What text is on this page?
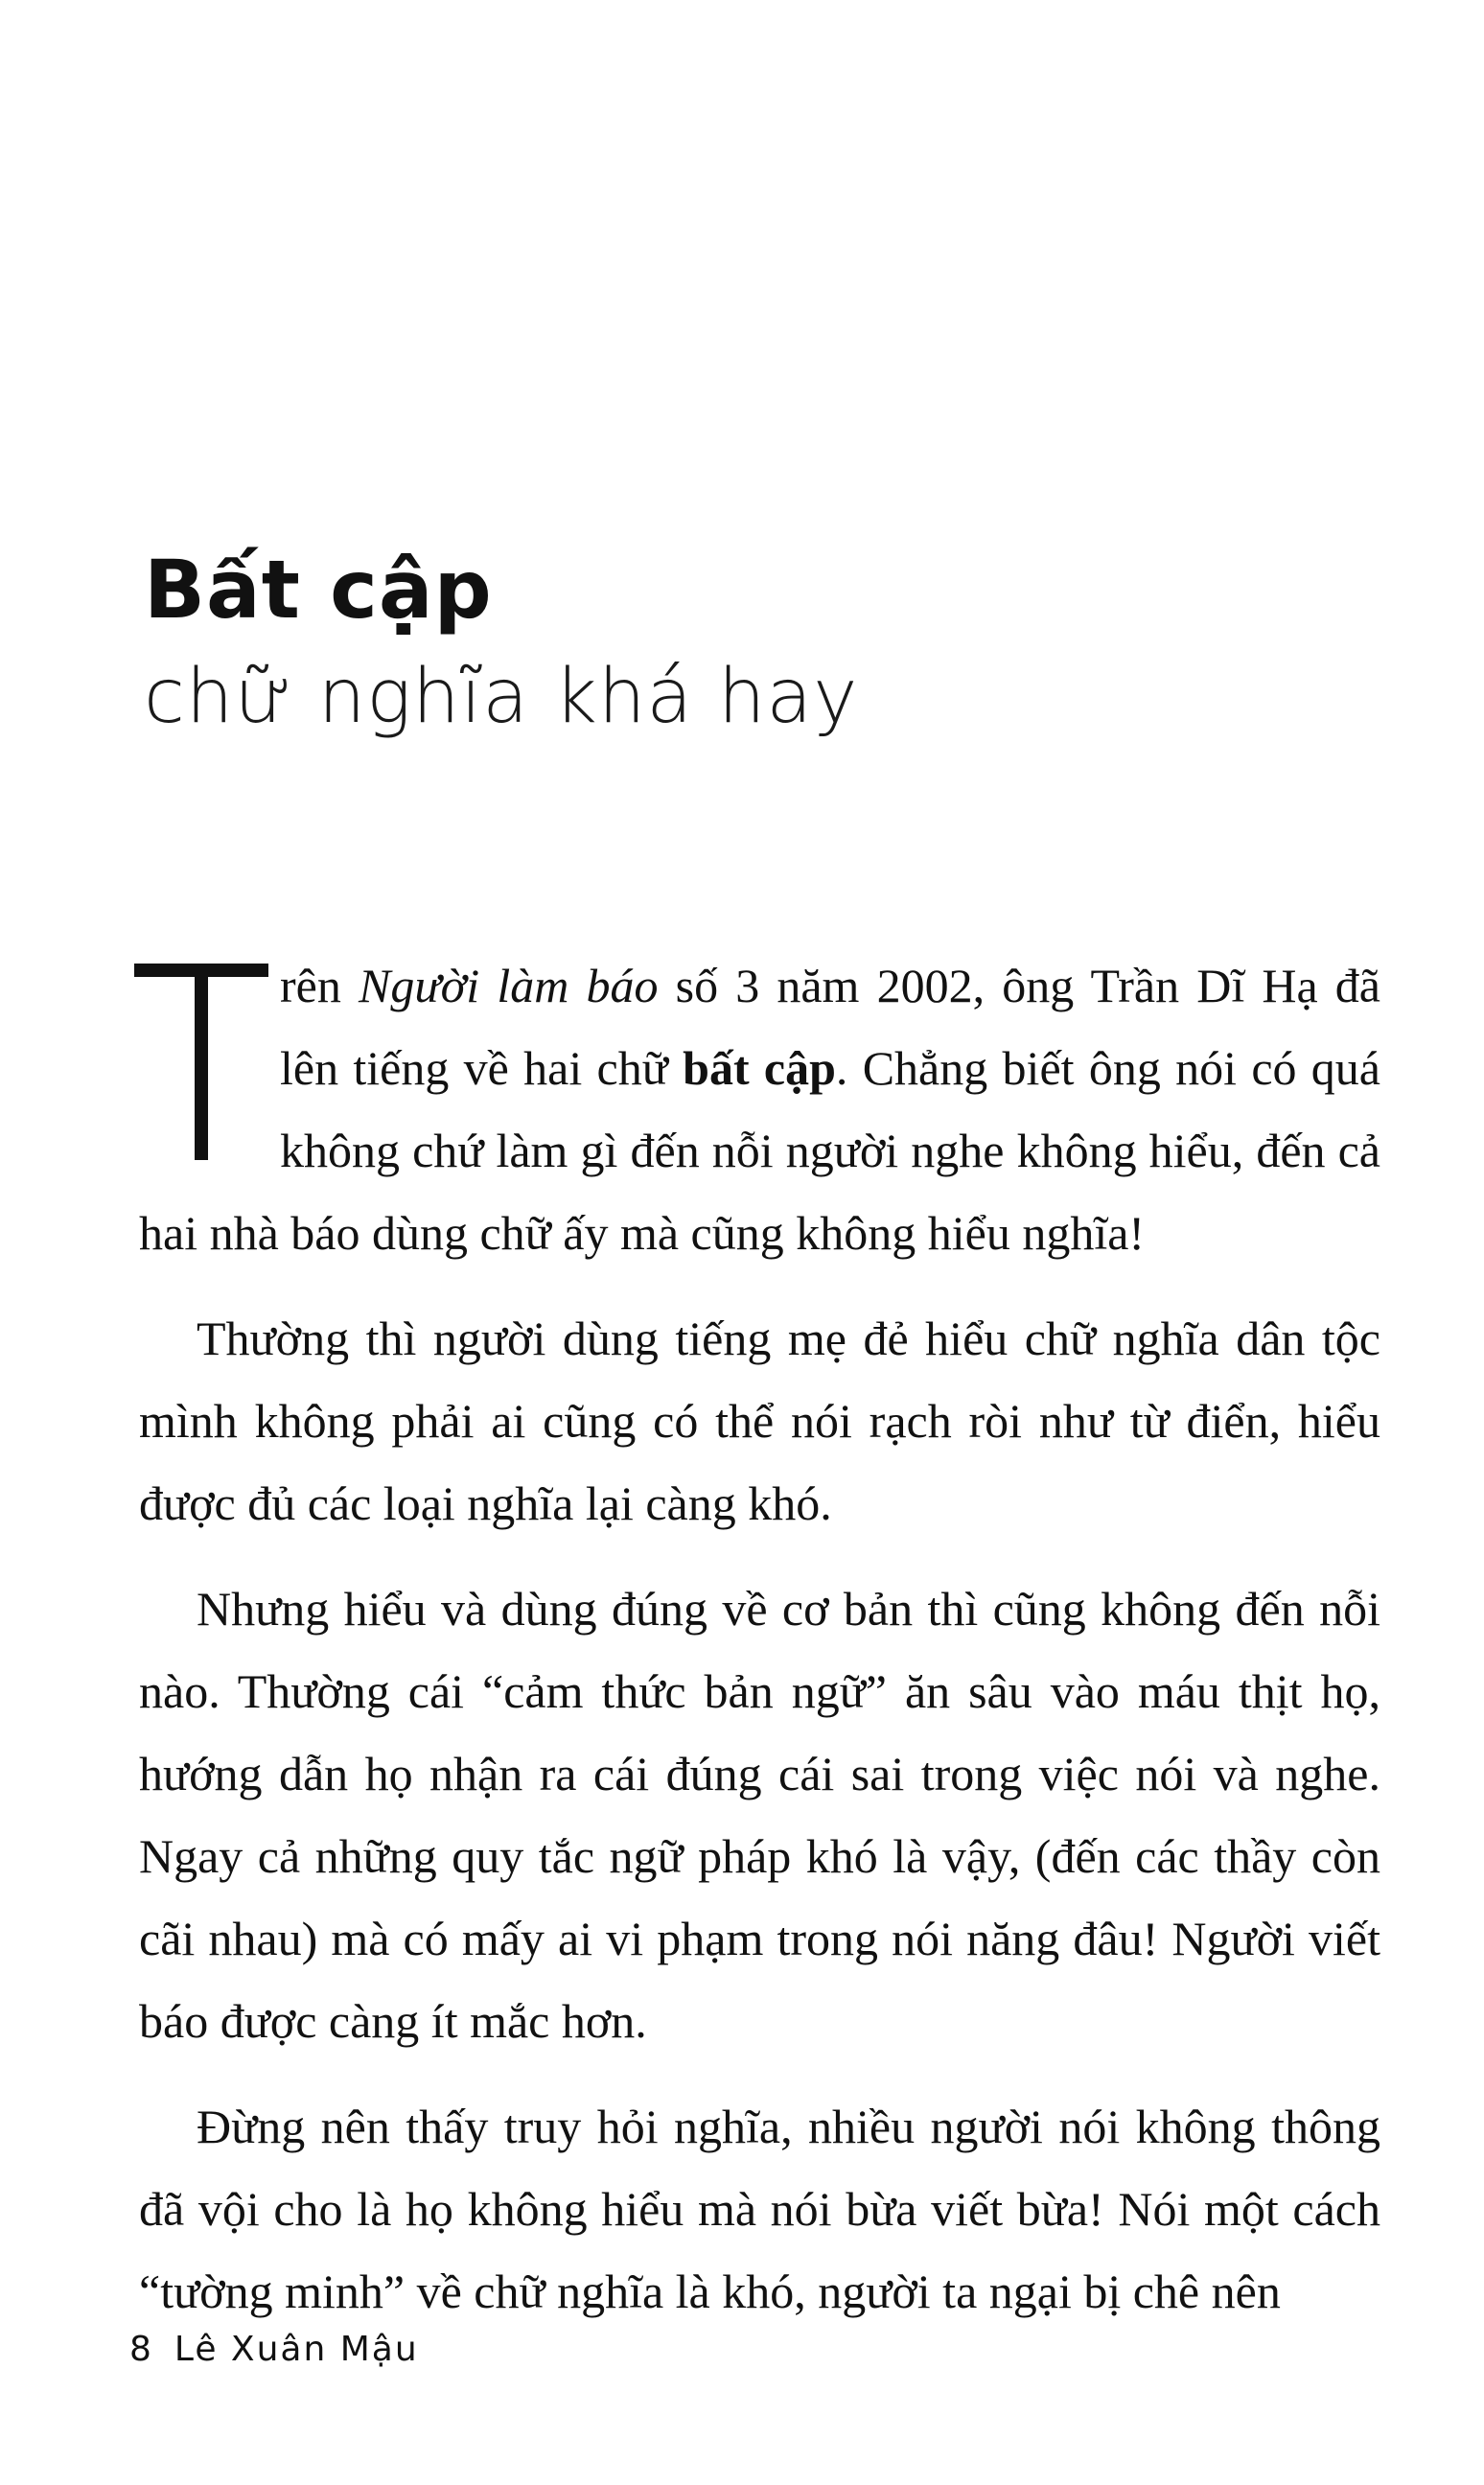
Bất cập
chữ nghĩa khá hay

rên Người làm báo số 3 năm 2002, ông Trần Dĩ Hạ đã lên tiếng về hai chữ bất cập. Chẳng biết ông nói có quá không chứ làm gì đến nỗi người nghe không hiểu, đến cả hai nhà báo dùng chữ ấy mà cũng không hiểu nghĩa!

Thường thì người dùng tiếng mẹ đẻ hiểu chữ nghĩa dân tộc mình không phải ai cũng có thể nói rạch ròi như từ điển, hiểu được đủ các loại nghĩa lại càng khó.

Nhưng hiểu và dùng đúng về cơ bản thì cũng không đến nỗi nào. Thường cái “cảm thức bản ngữ” ăn sâu vào máu thịt họ, hướng dẫn họ nhận ra cái đúng cái sai trong việc nói và nghe. Ngay cả những quy tắc ngữ pháp khó là vậy, (đến các thầy còn cãi nhau) mà có mấy ai vi phạm trong nói năng đâu! Người viết báo được càng ít mắc hơn.

Đừng nên thấy truy hỏi nghĩa, nhiều người nói không thông đã vội cho là họ không hiểu mà nói bừa viết bừa! Nói một cách “tường minh” về chữ nghĩa là khó, người ta ngại bị chê nên

8 Lê Xuân Mậu
